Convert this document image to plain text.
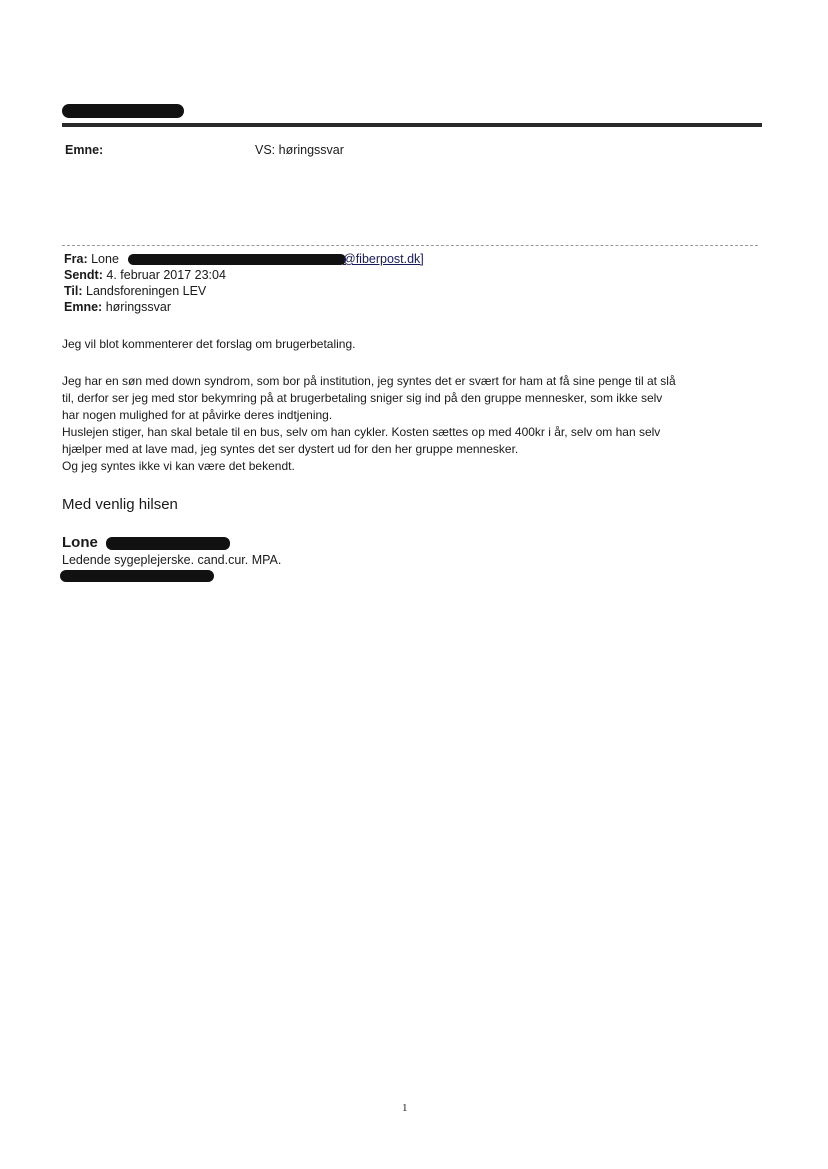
Emne:	VS: høringssvar
Fra: Lone	@fiberpost.dk]
Sendt: 4. februar 2017 23:04
Til: Landsforeningen LEV
Emne: høringssvar
Jeg vil blot kommenterer det forslag om brugerbetaling.
Jeg har en søn med down syndrom, som bor på institution, jeg syntes det er svært for ham at få sine penge til at slå
til, derfor ser jeg med stor bekymring på at brugerbetaling sniger sig ind på den gruppe mennesker, som ikke selv
har nogen mulighed for at påvirke deres indtjening.
Huslejen stiger, han skal betale til en bus, selv om han cykler. Kosten sættes op med 400kr i år, selv om han selv
hjælper med at lave mad, jeg syntes det ser dystert ud for den her gruppe mennesker.
Og jeg syntes ikke vi kan være det bekendt.
Med venlig hilsen
Lone
Ledende sygeplejerske. cand.cur. MPA.
1
